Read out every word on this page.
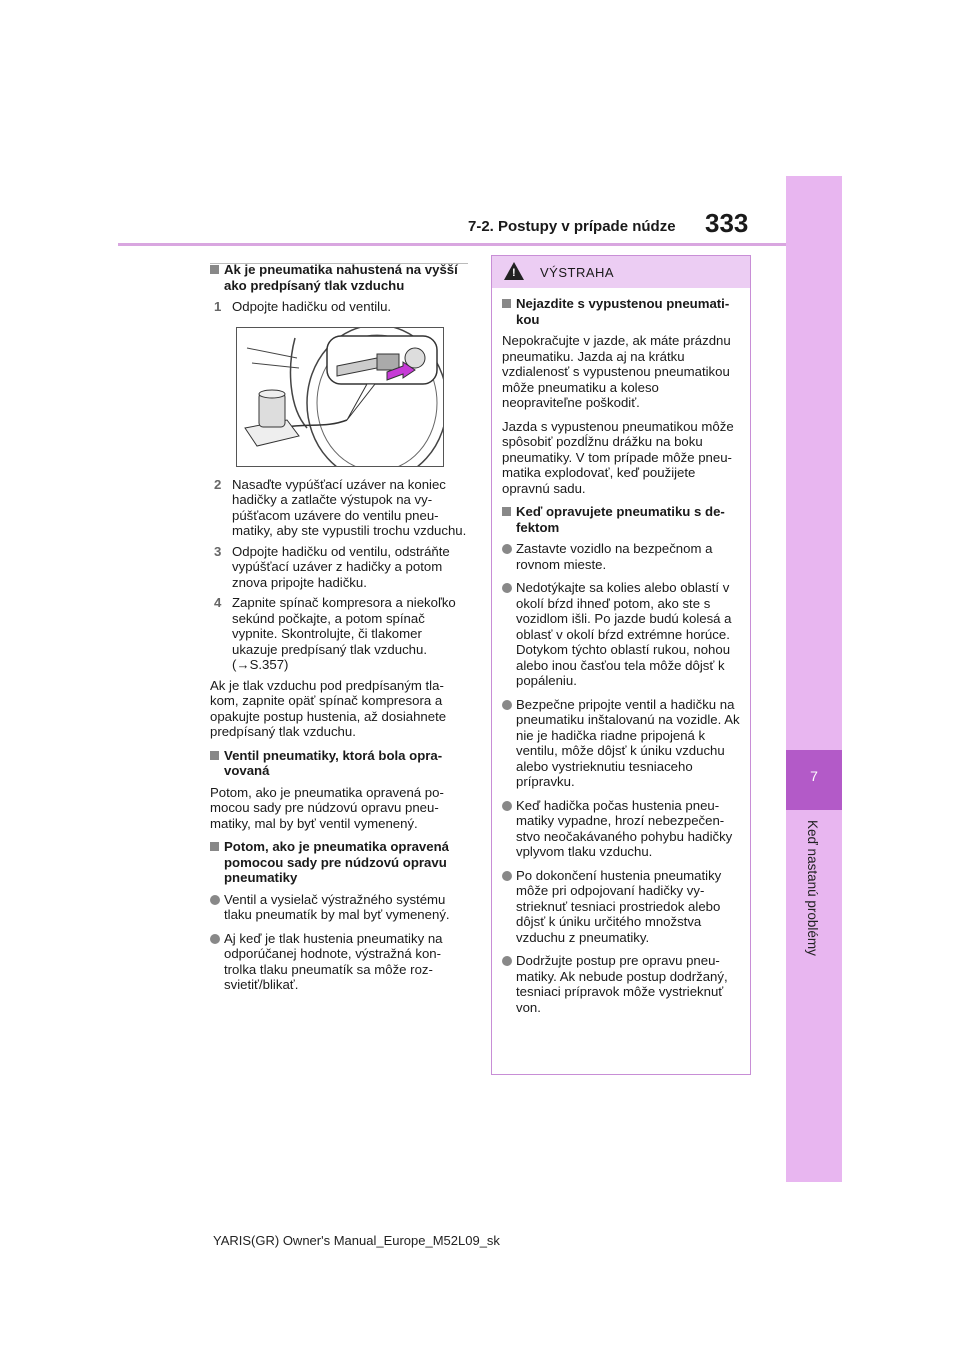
7
Keď nastanú problémy
7-2. Postupy v prípade núdze 333
Ak je pneumatika nahustená na vyšší ako predpísaný tlak vzduchu
1 Odpojte hadičku od ventilu.
2 Nasaďte vypúšťací uzáver na koniec hadičky a zatlačte výstupok na vypúšťacom uzávere do ventilu pneumatiky, aby ste vypustili trochu vzduchu.
3 Odpojte hadičku od ventilu, odstráňte vypúšťací uzáver z hadičky a potom znova pripojte hadičku.
4 Zapnite spínač kompresora a niekoľko sekúnd počkajte, a potom spínač vypnite. Skontrolujte, či tlakomer ukazuje predpísaný tlak vzduchu. (→S.357)
Ak je tlak vzduchu pod predpísaným tlakom, zapnite opäť spínač kompresora a opakujte postup hustenia, až dosiahnete predpísaný tlak vzduchu.
Ventil pneumatiky, ktorá bola opravovaná
Potom, ako je pneumatika opravená pomocou sady pre núdzovú opravu pneumatiky, mal by byť ventil vymenený.
Potom, ako je pneumatika opravená pomocou sady pre núdzovú opravu pneumatiky
Ventil a vysielač výstražného systému tlaku pneumatík by mal byť vymenený.
Aj keď je tlak hustenia pneumatiky na odporúčanej hodnote, výstražná kontrolka tlaku pneumatík sa môže rozsvietiť/blikať.
! VÝSTRAHA
Nejazdite s vypustenou pneumatikou
Nepokračujte v jazde, ak máte prázdnu pneumatiku. Jazda aj na krátku vzdialenosť s vypustenou pneumatikou môže pneumatiku a koleso neopraviteľne poškodiť.
Jazda s vypustenou pneumatikou môže spôsobiť pozdĺžnu drážku na boku pneumatiky. V tom prípade môže pneumatika explodovať, keď použijete opravnú sadu.
Keď opravujete pneumatiku s defektom
Zastavte vozidlo na bezpečnom a rovnom mieste.
Nedotýkajte sa kolies alebo oblastí v okolí bŕzd ihneď potom, ako ste s vozidlom išli. Po jazde budú kolesá a oblasť v okolí bŕzd extrémne horúce. Dotykom týchto oblastí rukou, nohou alebo inou časťou tela môže dôjsť k popáleniu.
Bezpečne pripojte ventil a hadičku na pneumatiku inštalovanú na vozidle. Ak nie je hadička riadne pripojená k ventilu, môže dôjsť k úniku vzduchu alebo vystrieknutiu tesniaceho prípravku.
Keď hadička počas hustenia pneumatiky vypadne, hrozí nebezpečenstvo neočakávaného pohybu hadičky vplyvom tlaku vzduchu.
Po dokončení hustenia pneumatiky môže pri odpojovaní hadičky vystrieknuť tesniaci prostriedok alebo dôjsť k úniku určitého množstva vzduchu z pneumatiky.
Dodržujte postup pre opravu pneumatiky. Ak nebude postup dodržaný, tesniaci prípravok môže vystrieknuť von.
YARIS(GR) Owner's Manual_Europe_M52L09_sk
